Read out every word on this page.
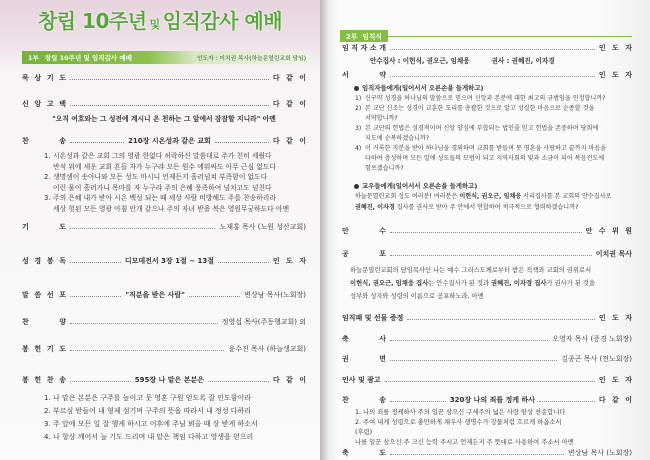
창립 10주년 및 임직감사 예배
1부 창립 10주년 및 임직감사 예배	인도자 : 이치권 목사(하늘문열린교회 담임)
묵 상 기 도	다 같 이
신 앙 고 백	다 같 이
"오직 여호와는 그 성전에 계시니 온 천하는 그 앞에서 잠잠할 지니라" 아멘
찬 송	210장 시온성과 같은 교회	다 같 이
1. 시온성과 같은 교회 그의 영광 한없다 허락하신 말씀대로 주가 친히 세웠다
반석 위에 세운 교회 흔들 자가 누구랴 모든 원수 에워싸도 아무 근심 없도다
2. 생명샘이 솟아나와 모든 성도 마시니 언제든지 흘러넘쳐 부족함이 없도다
이런 물이 흘러가니 목마를 자 누구랴 주의 은혜 풍족하여 넘치고도 넘친다
3. 주의 은혜 내가 받아 시온 백성 되는 때 세상 사람 비방해도 주를 찬송하리라
세상 헛된 모든 영광 아침 안개 같으나 주의 자녀 받을 복은 영원무궁하도다 아멘
기 도	노재홍 목사 (노원 성산교회)
성 경 봉 독	디모데전서 3장 1절 ~ 13절	인 도 자
말 씀 선 포	"직분을 받은 사람"	변상남 목사(노회장)
찬 양	정영섭 목사(주동행교회) 외
봉 헌 기 도	윤수진 목사 (하늘생교회)
봉 헌 찬 송	595장 나 맡은 본분은	다 같 이
1. 나 맡은 본분은 구주를 높이고 뭇 영혼 구원 얻도록 잘 인도함이라
2. 부르심 받들어 내 형제 섬기며 구주의 뜻을 따라서 내 정성 다하리
3. 주 앞에 모든 일 잘 행케 하시고 이후에 주님 뵈올 때 상 받게 하소서
4. 나 항상 깨어서 늘 기도 드리며 내 맡은 책임 다하고 영생을 얻으리
2부 임직식
임 직 자 소 개	인 도 자
안수집사 : 이헌식, 권오근, 임채웅	권사 : 권혜진, 이자경
서 약	인 도 자
임직자들에게(일어서서 오른손을 들게하고)
1) 신구약 성경을 하나님의 말씀으로 믿으며 신앙과 본분에 대한 최고의 규범임을 인정합니까?
2) 본 교단 신조는 성경이 교훈한 도리를 총괄한 것으로 알고 성실한 마음으로 순종할 것을
서약합니까?
3) 본 교단의 헌법은 성경적이며 신앙 양심에 부합되는 법인줄 믿고 헌법을 존중하며 당회에
지도에 순복하겠습니까?
4) 이 거룩한 직분을 받아 하나님을 경외하며 교회를 받들며 뭇 영혼을 사랑하고 끝까지 마음을
다하여 충성하며 모든 일에 성도들의 모범이 되고 지역사회의 빛과 소금이 되어 복음전도에
힘쓰겠습니까?
교우들에게(일어서서 오른손을 들게하고)
하늘문열린교회 성도 여러분! 여러분은 이헌식, 권오근, 임채웅 서리집사를 본 교회의 안수집사로
권혜진, 이자경 집사를 권사로 받아 주 안에서 연합하여 적극적으로 협력하겠습니까?
안 수	안 수 위 원
공 포	이치권 목사
하늘문열린교회의 담임목사인 나는 예수 그리스도께로부터 받은 직책과 교회의 권위로서
이헌식, 권오근, 임채웅 집사는 안수집사가 된 것과 권혜진, 이자경 집사가 권사가 된 것을
성부와 성자와 성령의 이름으로 공포하노라, 아멘
임직패 및 선물 증정	인 도 자
축 사	오영자 목사 (증경 노회장)
권 면	김종곤 목사 (전노회장)
인사 및 광고	인 도 자
찬 송	320장 나의 죄를 정케 하사	다 같 이
1. 나의 죄를 정케하사 주의 일꾼 삼으신 구세주의 넓은 사랑 항상 찬송합니다
2. 주여 내게 성령으로 충만하게 채우사 생명수가 강물처럼 흐르게 하옵소서
(후렴)
나를 일꾼 삼으신 주 크신 능력 주시고 언제든지 주 뜻대로 사용하여 주소서 아멘
축 도	변상남 목사 (노회장)
